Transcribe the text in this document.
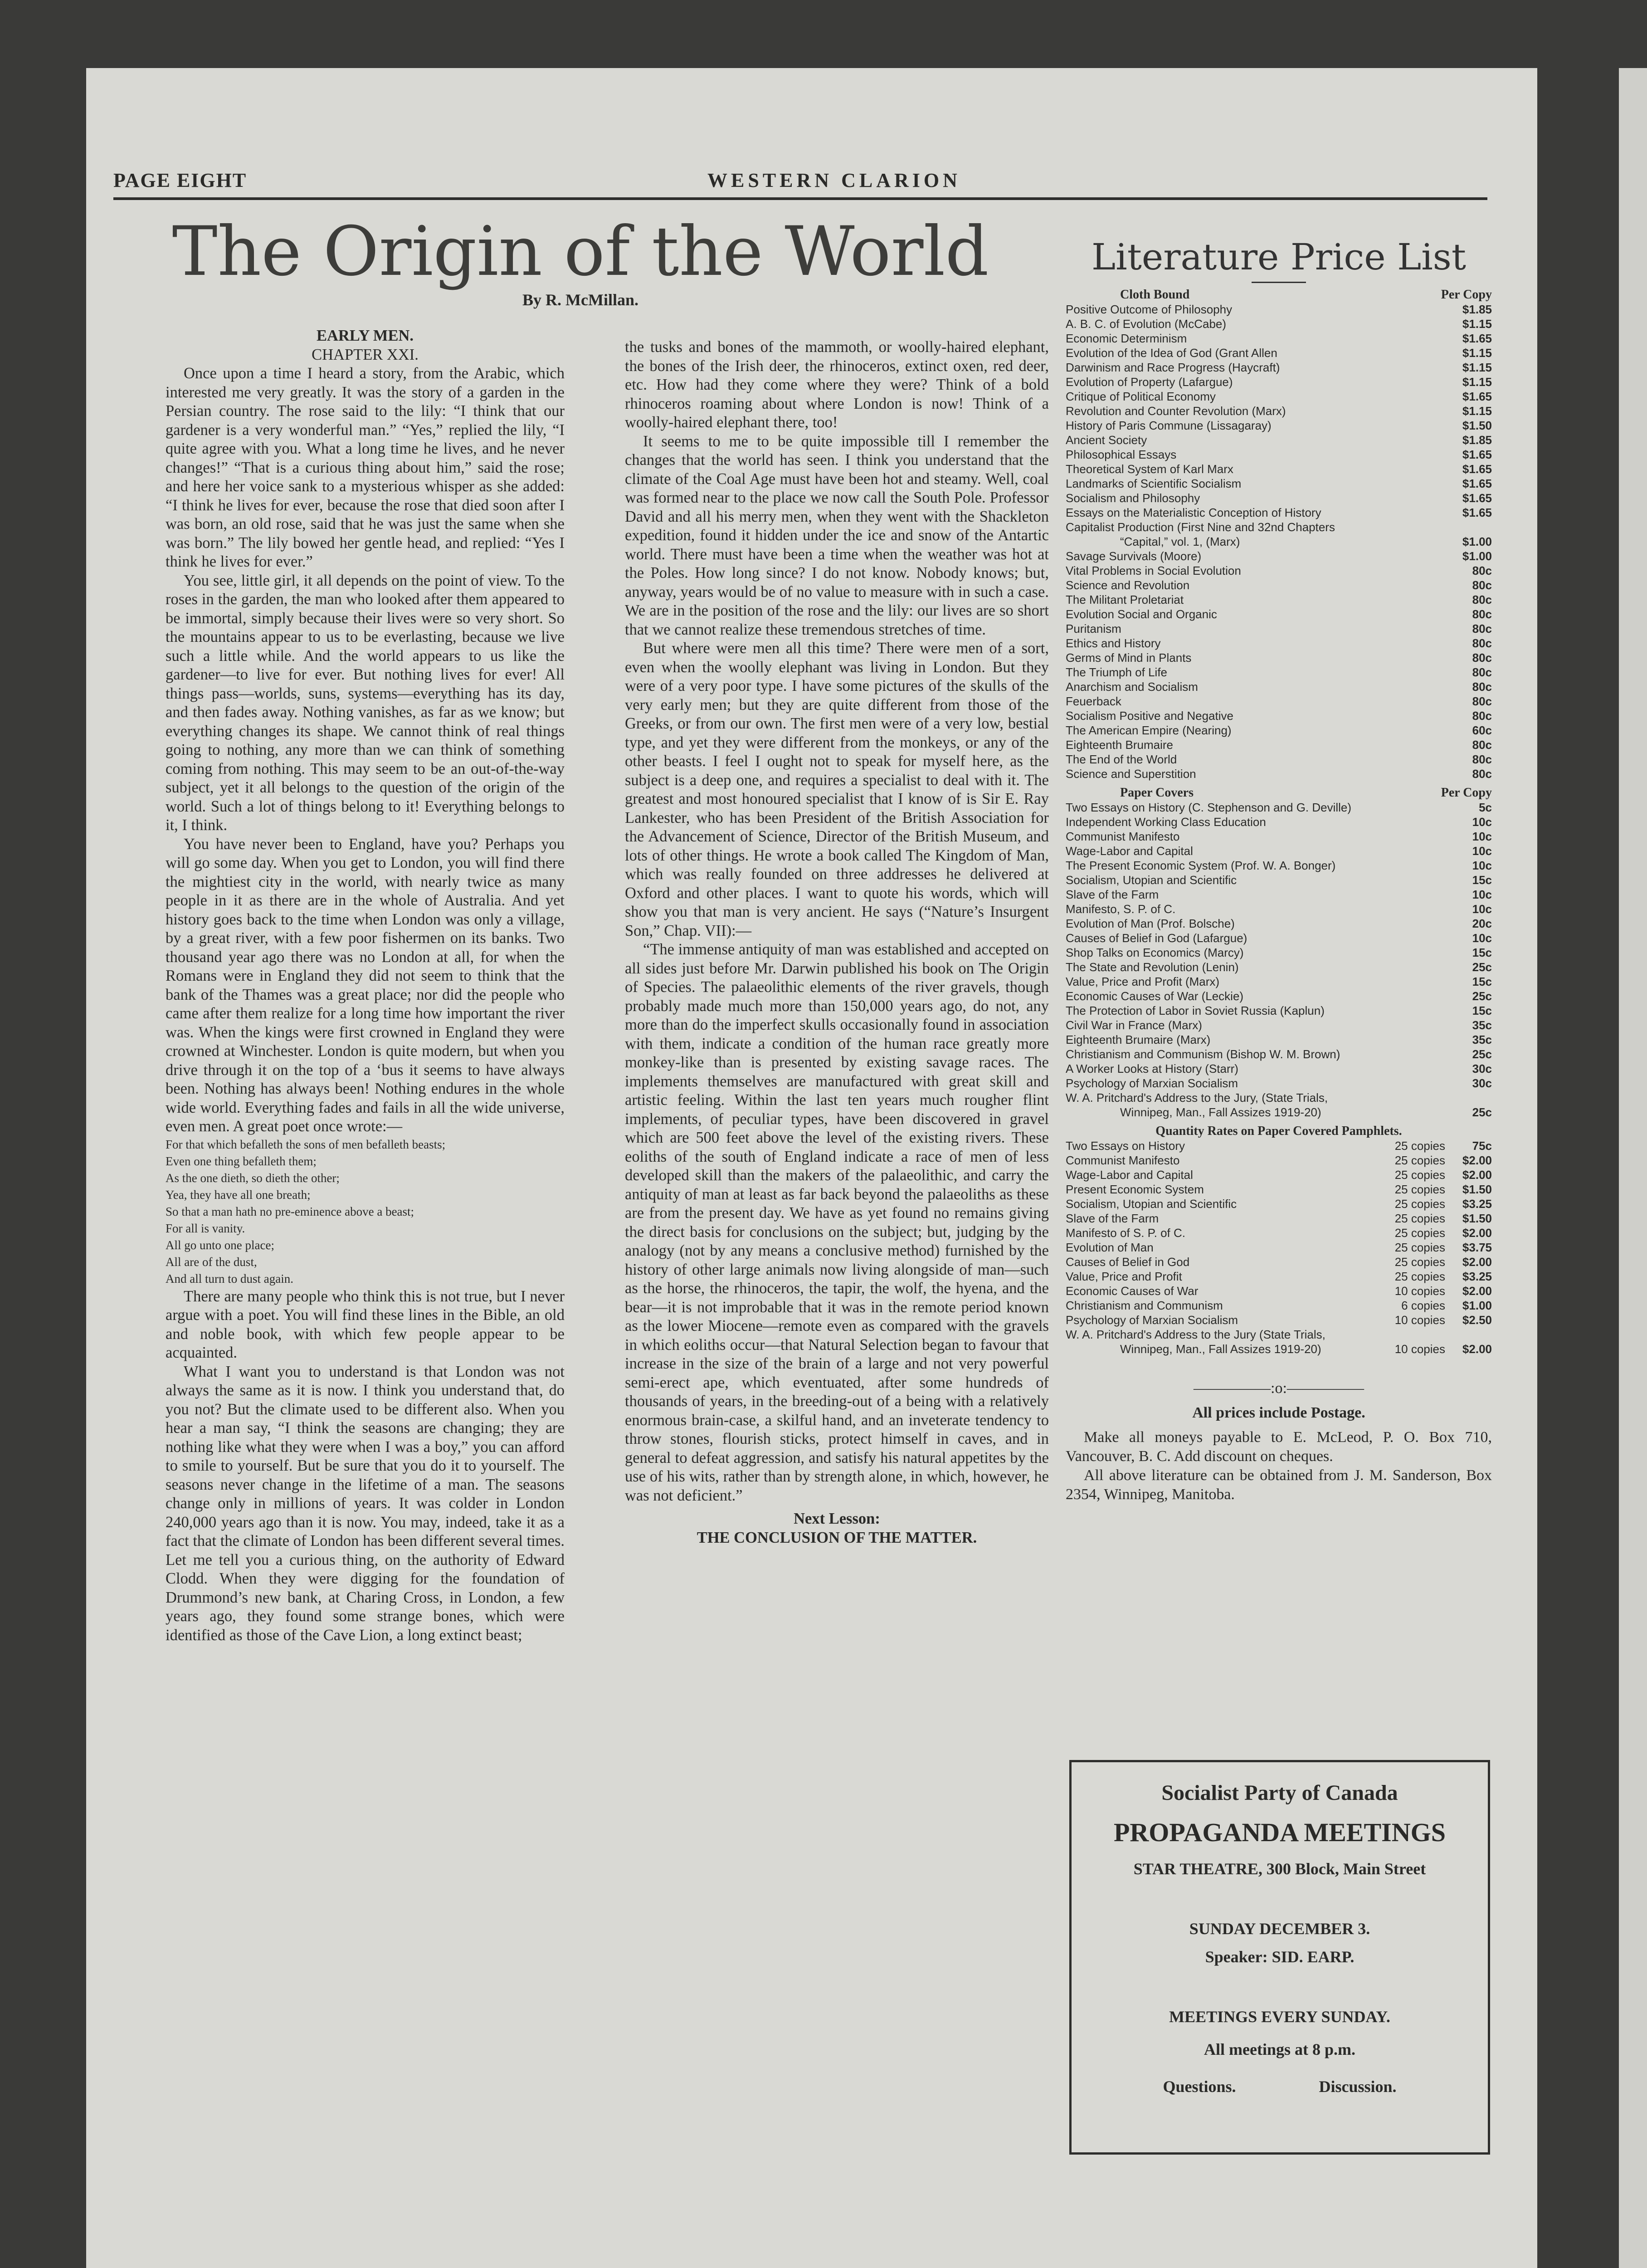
PAGE EIGHT	WESTERN CLARION
The Origin of the World
By R. McMillan.

EARLY MEN.

CHAPTER XXI.

Once upon a time I heard a story, from the Arabic, which interested me very greatly. It was the story of a garden in the Persian country. The rose said to the lily: “I think that our gardener is a very wonderful man.” “Yes,” replied the lily, “I quite agree with you. What a long time he lives, and he never changes!” “That is a curious thing about him,” said the rose; and here her voice sank to a mysterious whisper as she added: “I think he lives for ever, because the rose that died soon after I was born, an old rose, said that he was just the same when she was born.” The lily bowed her gentle head, and replied: “Yes I think he lives for ever.”

You see, little girl, it all depends on the point of view. To the roses in the garden, the man who looked after them appeared to be immortal, simply because their lives were so very short. So the mountains appear to us to be everlasting, because we live such a little while. And the world appears to us like the gardener—to live for ever. But nothing lives for ever! All things pass—worlds, suns, systems—everything has its day, and then fades away. Nothing vanishes, as far as we know; but everything changes its shape. We cannot think of real things going to nothing, any more than we can think of something coming from nothing. This may seem to be an out-of-the-way subject, yet it all belongs to the question of the origin of the world. Such a lot of things belong to it! Everything belongs to it, I think.

You have never been to England, have you? Perhaps you will go some day. When you get to London, you will find there the mightiest city in the world, with nearly twice as many people in it as there are in the whole of Australia. And yet history goes back to the time when London was only a village, by a great river, with a few poor fishermen on its banks. Two thousand year ago there was no London at all, for when the Romans were in England they did not seem to think that the bank of the Thames was a great place; nor did the people who came after them realize for a long time how important the river was. When the kings were first crowned in England they were crowned at Winchester. London is quite modern, but when you drive through it on the top of a ‘bus it seems to have always been. Nothing has always been! Nothing endures in the whole wide world. Everything fades and fails in all the wide universe, even men. A great poet once wrote:—

For that which befalleth the sons of men befalleth beasts;

Even one thing befalleth them;

As the one dieth, so dieth the other;

Yea, they have all one breath;

So that a man hath no pre-eminence above a beast;

For all is vanity.

All go unto one place;

All are of the dust,

And all turn to dust again.

There are many people who think this is not true, but I never argue with a poet. You will find these lines in the Bible, an old and noble book, with which few people appear to be acquainted.

What I want you to understand is that London was not always the same as it is now. I think you understand that, do you not? But the climate used to be different also. When you hear a man say, “I think the seasons are changing; they are nothing like what they were when I was a boy,” you can afford to smile to yourself. But be sure that you do it to yourself. The seasons never change in the lifetime of a man. The seasons change only in millions of years. It was colder in London 240,000 years ago than it is now. You may, indeed, take it as a fact that the climate of London has been different several times. Let me tell you a curious thing, on the authority of Edward Clodd. When they were digging for the foundation of Drummond’s new bank, at Charing Cross, in London, a few years ago, they found some strange bones, which were identified as those of the Cave Lion, a long extinct beast;

the tusks and bones of the mammoth, or woolly-haired elephant, the bones of the Irish deer, the rhinoceros, extinct oxen, red deer, etc. How had they come where they were? Think of a bold rhinoceros roaming about where London is now! Think of a woolly-haired elephant there, too!

It seems to me to be quite impossible till I remember the changes that the world has seen. I think you understand that the climate of the Coal Age must have been hot and steamy. Well, coal was formed near to the place we now call the South Pole. Professor David and all his merry men, when they went with the Shackleton expedition, found it hidden under the ice and snow of the Antartic world. There must have been a time when the weather was hot at the Poles. How long since? I do not know. Nobody knows; but, anyway, years would be of no value to measure with in such a case. We are in the position of the rose and the lily: our lives are so short that we cannot realize these tremendous stretches of time.

But where were men all this time? There were men of a sort, even when the woolly elephant was living in London. But they were of a very poor type. I have some pictures of the skulls of the very early men; but they are quite different from those of the Greeks, or from our own. The first men were of a very low, bestial type, and yet they were different from the monkeys, or any of the other beasts. I feel I ought not to speak for myself here, as the subject is a deep one, and requires a specialist to deal with it. The greatest and most honoured specialist that I know of is Sir E. Ray Lankester, who has been President of the British Association for the Advancement of Science, Director of the British Museum, and lots of other things. He wrote a book called The Kingdom of Man, which was really founded on three addresses he delivered at Oxford and other places. I want to quote his words, which will show you that man is very ancient. He says (“Nature’s Insurgent Son,” Chap. VII):—

“The immense antiquity of man was established and accepted on all sides just before Mr. Darwin published his book on The Origin of Species. The palaeolithic elements of the river gravels, though probably made much more than 150,000 years ago, do not, any more than do the imperfect skulls occasionally found in association with them, indicate a condition of the human race greatly more monkey-like than is presented by existing savage races. The implements themselves are manufactured with great skill and artistic feeling. Within the last ten years much rougher flint implements, of peculiar types, have been discovered in gravel which are 500 feet above the level of the existing rivers. These eoliths of the south of England indicate a race of men of less developed skill than the makers of the palaeolithic, and carry the antiquity of man at least as far back beyond the palaeoliths as these are from the present day. We have as yet found no remains giving the direct basis for conclusions on the subject; but, judging by the analogy (not by any means a conclusive method) furnished by the history of other large animals now living alongside of man—such as the horse, the rhinoceros, the tapir, the wolf, the hyena, and the bear—it is not improbable that it was in the remote period known as the lower Miocene—remote even as compared with the gravels in which eoliths occur—that Natural Selection began to favour that increase in the size of the brain of a large and not very powerful semi-erect ape, which eventuated, after some hundreds of thousands of years, in the breeding-out of a being with a relatively enormous brain-case, a skilful hand, and an inveterate tendency to throw stones, flourish sticks, protect himself in caves, and in general to defeat aggression, and satisfy his natural appetites by the use of his wits, rather than by strength alone, in which, however, he was not deficient.”

Next Lesson:

THE CONCLUSION OF THE MATTER.

Literature Price List
Cloth Bound	Per Copy
Positive Outcome of Philosophy	$1.85
A. B. C. of Evolution (McCabe)	$1.15
Economic Determinism	$1.65
Evolution of the Idea of God (Grant Allen	$1.15
Darwinism and Race Progress (Haycraft)	$1.15
Evolution of Property (Lafargue)	$1.15
Critique of Political Economy	$1.65
Revolution and Counter Revolution (Marx)	$1.15
History of Paris Commune (Lissagaray)	$1.50
Ancient Society	$1.85
Philosophical Essays	$1.65
Theoretical System of Karl Marx	$1.65
Landmarks of Scientific Socialism	$1.65
Socialism and Philosophy	$1.65
Essays on the Materialistic Conception of History	$1.65
Capitalist Production (First Nine and 32nd Chapters
“Capital,” vol. 1, (Marx)	$1.00
Savage Survivals (Moore)	$1.00
Vital Problems in Social Evolution	80c
Science and Revolution	80c
The Militant Proletariat	80c
Evolution Social and Organic	80c
Puritanism	80c
Ethics and History	80c
Germs of Mind in Plants	80c
The Triumph of Life	80c
Anarchism and Socialism	80c
Feuerback	80c
Socialism Positive and Negative	80c
The American Empire (Nearing)	60c
Eighteenth Brumaire	80c
The End of the World	80c
Science and Superstition	80c
Paper Covers	Per Copy
Two Essays on History (C. Stephenson and G. Deville)	5c
Independent Working Class Education	10c
Communist Manifesto	10c
Wage-Labor and Capital	10c
The Present Economic System (Prof. W. A. Bonger)	10c
Socialism, Utopian and Scientific	15c
Slave of the Farm	10c
Manifesto, S. P. of C.	10c
Evolution of Man (Prof. Bolsche)	20c
Causes of Belief in God (Lafargue)	10c
Shop Talks on Economics (Marcy)	15c
The State and Revolution (Lenin)	25c
Value, Price and Profit (Marx)	15c
Economic Causes of War (Leckie)	25c
The Protection of Labor in Soviet Russia (Kaplun)	15c
Civil War in France (Marx)	35c
Eighteenth Brumaire (Marx)	35c
Christianism and Communism (Bishop W. M. Brown)	25c
A Worker Looks at History (Starr)	30c
Psychology of Marxian Socialism	30c
W. A. Pritchard's Address to the Jury, (State Trials,
Winnipeg, Man., Fall Assizes 1919-20)	25c
Quantity Rates on Paper Covered Pamphlets.
Two Essays on History	25 copies	75c
Communist Manifesto	25 copies	$2.00
Wage-Labor and Capital	25 copies	$2.00
Present Economic System	25 copies	$1.50
Socialism, Utopian and Scientific	25 copies	$3.25
Slave of the Farm	25 copies	$1.50
Manifesto of S. P. of C.	25 copies	$2.00
Evolution of Man	25 copies	$3.75
Causes of Belief in God	25 copies	$2.00
Value, Price and Profit	25 copies	$3.25
Economic Causes of War	10 copies	$2.00
Christianism and Communism	6 copies	$1.00
Psychology of Marxian Socialism	10 copies	$2.50
W. A. Pritchard's Address to the Jury (State Trials,
Winnipeg, Man., Fall Assizes 1919-20)	10 copies	$2.00
—————:o:—————
All prices include Postage.

Make all moneys payable to E. McLeod, P. O. Box 710, Vancouver, B. C. Add discount on cheques.

All above literature can be obtained from J. M. Sanderson, Box 2354, Winnipeg, Manitoba.

Socialist Party of Canada
PROPAGANDA MEETINGS
STAR THEATRE, 300 Block, Main Street
SUNDAY DECEMBER 3.
Speaker: SID. EARP.
MEETINGS EVERY SUNDAY.
All meetings at 8 p.m.
Questions.	Discussion.
